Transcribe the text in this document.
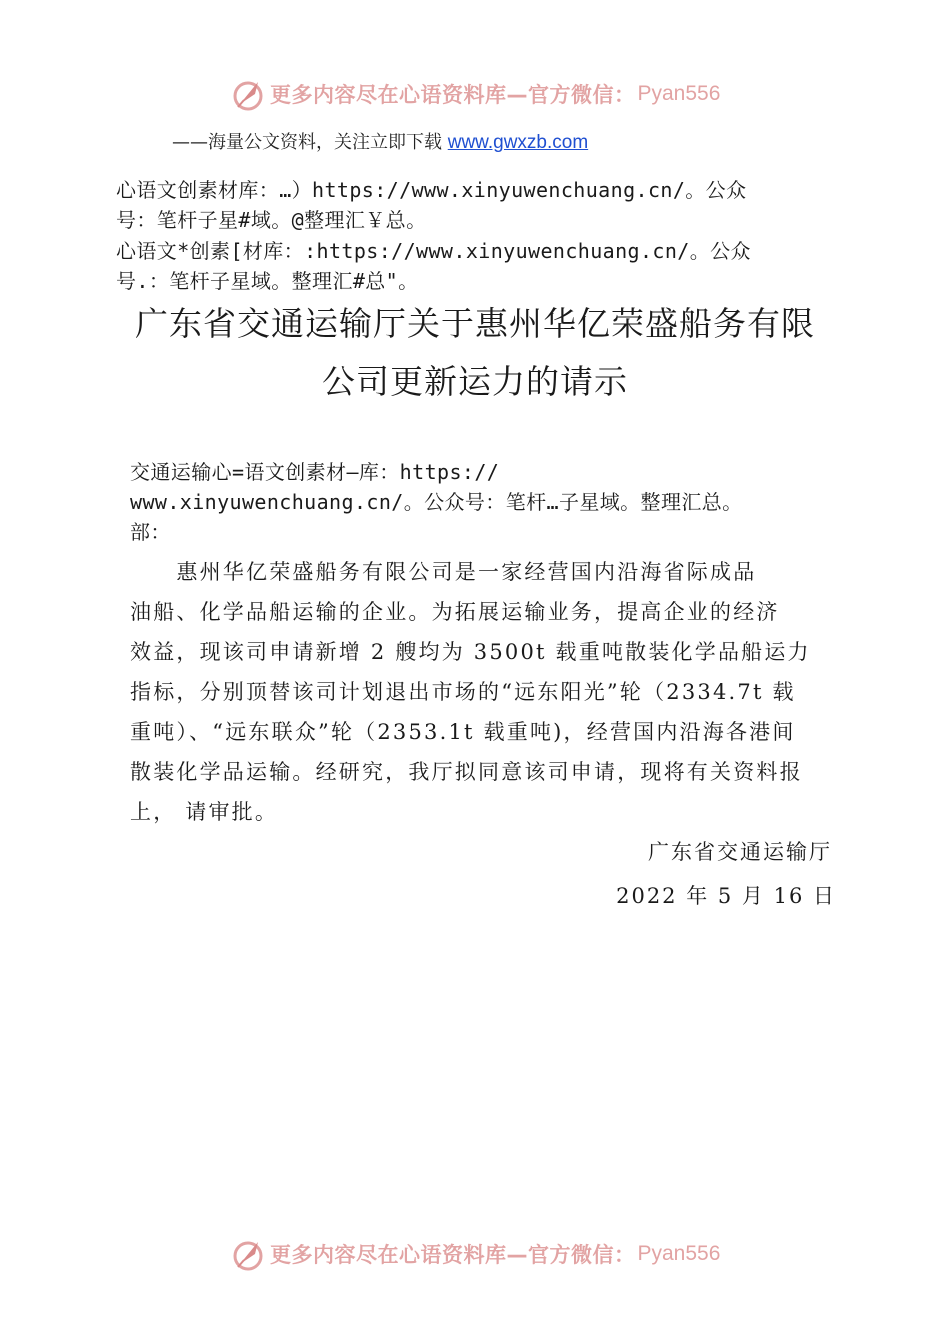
更多内容尽在心语资料库—官方微信： Pyan556
——海量公文资料，关注立即下载 www.gwxzb.com
心语文创素材库：…）https://www.xinyuwenchuang.cn/。公众
号：笔杆子星#域。@整理汇￥总。
心语文*创素[材库：:https://www.xinyuwenchuang.cn/。公众
号.：笔杆子星域。整理汇#总"。
广东省交通运输厅关于惠州华亿荣盛船务有限
公司更新运力的请示
交通运输心=语文创素材—库：https://
www.xinyuwenchuang.cn/。公众号：笔杆…子星域。整理汇总。
部：
　　惠州华亿荣盛船务有限公司是一家经营国内沿海省际成品
油船、化学品船运输的企业。为拓展运输业务，提高企业的经济
效益，现该司申请新增 2 艘均为 3500t 载重吨散装化学品船运力
指标，分别顶替该司计划退出市场的“远东阳光”轮（2334.7t 载
重吨）、“远东联众”轮（2353.1t 载重吨)，经营国内沿海各港间
散装化学品运输。经研究，我厅拟同意该司申请，现将有关资料报
上， 请审批。
广东省交通运输厅
2022 年 5 月 16 日
更多内容尽在心语资料库—官方微信： Pyan556
